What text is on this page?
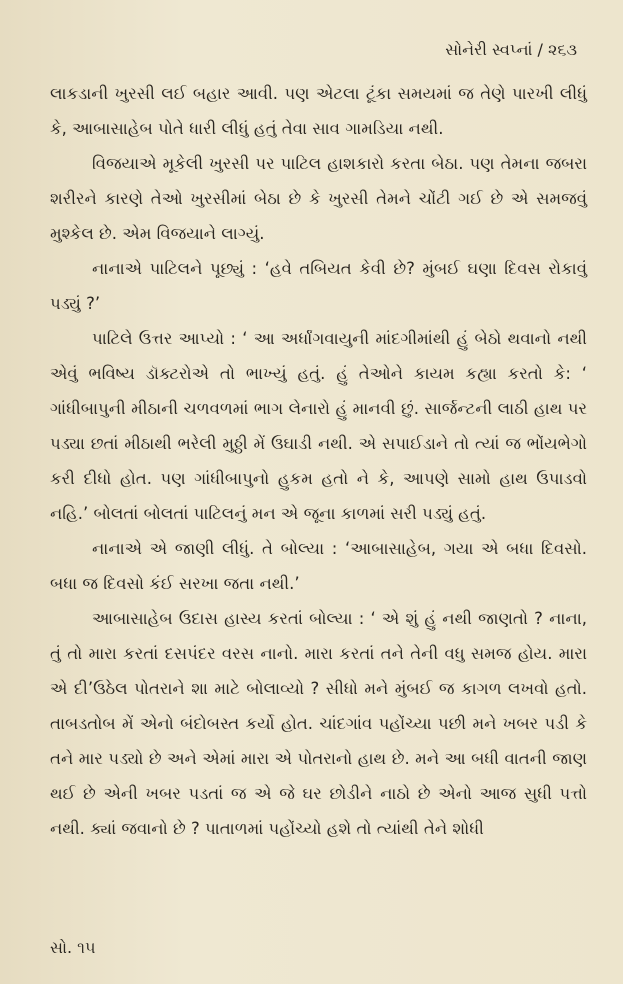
સોનેરી સ્વપ્નાં / ૨૬૩

લાકડાની ખુરસી લઈ બહાર આવી. પણ એટલા ટૂંકા સમયમાં જ તેણે પારખી લીધું કે, આબાસાહેબ પોતે ધારી લીધું હતું તેવા સાવ ગામડિયા નથી.

વિજયાએ મૂકેલી ખુરસી પર પાટિલ હાશકારો કરતા બેઠા. પણ તેમના જબરા શરીરને કારણે તેઓ ખુરસીમાં બેઠા છે કે ખુરસી તેમને ચોંટી ગઈ છે એ સમજવું મુશ્કેલ છે. એમ વિજયાને લાગ્યું.

નાનાએ પાટિલને પૂછ્યું : ‘હવે તબિયત કેવી છે? મુંબઈ ઘણા દિવસ રોકાવું પડ્યું ?’

પાટિલે ઉત્તર આપ્યો : ‘ આ અર્ધાંગવાયુની માંદગીમાંથી હું બેઠો થવાનો નથી એવું ભવિષ્ય ડૉક્ટરોએ તો ભાખ્યું હતું. હું તેઓને કાયમ કહ્યા કરતો કે: ‘ ગાંધીબાપુની મીઠાની ચળવળમાં ભાગ લેનારો હું માનવી છું. સાર્જન્ટની લાઠી હાથ પર પડ્યા છતાં મીઠાથી ભરેલી મુઠ્ઠી મેં ઉઘાડી નથી. એ સપાઈડાને તો ત્યાં જ ભોંયભેગો કરી દીધો હોત. પણ ગાંધીબાપુનો હુકમ હતો ને કે, આપણે સામો હાથ ઉપાડવો નહિ.’ બોલતાં બોલતાં પાટિલનું મન એ જૂના કાળમાં સરી પડ્યું હતું.

નાનાએ એ જાણી લીધું. તે બોલ્યા : ‘આબાસાહેબ, ગયા એ બધા દિવસો. બધા જ દિવસો કંઈ સરખા જતા નથી.’

આબાસાહેબ ઉદાસ હાસ્ય કરતાં બોલ્યા : ‘ એ શું હું નથી જાણતો ? નાના, તું તો મારા કરતાં દસપંદર વરસ નાનો. મારા કરતાં તને તેની વધુ સમજ હોય. મારા એ દી’ઉઠેલ પોતરાને શા માટે બોલાવ્યો ? સીધો મને મુંબઈ જ કાગળ લખવો હતો. તાબડતોબ મેં એનો બંદોબસ્ત કર્યો હોત. ચાંદગાંવ પહોંચ્યા પછી મને ખબર પડી કે તને માર પડ્યો છે અને એમાં મારા એ પોતરાનો હાથ છે. મને આ બધી વાતની જાણ થઈ છે એની ખબર પડતાં જ એ જે ઘર છોડીને નાઠો છે એનો આજ સુધી પત્તો નથી. ક્યાં જવાનો છે ? પાતાળમાં પહોંચ્યો હશે તો ત્યાંથી તેને શોધી

સો. ૧૫
